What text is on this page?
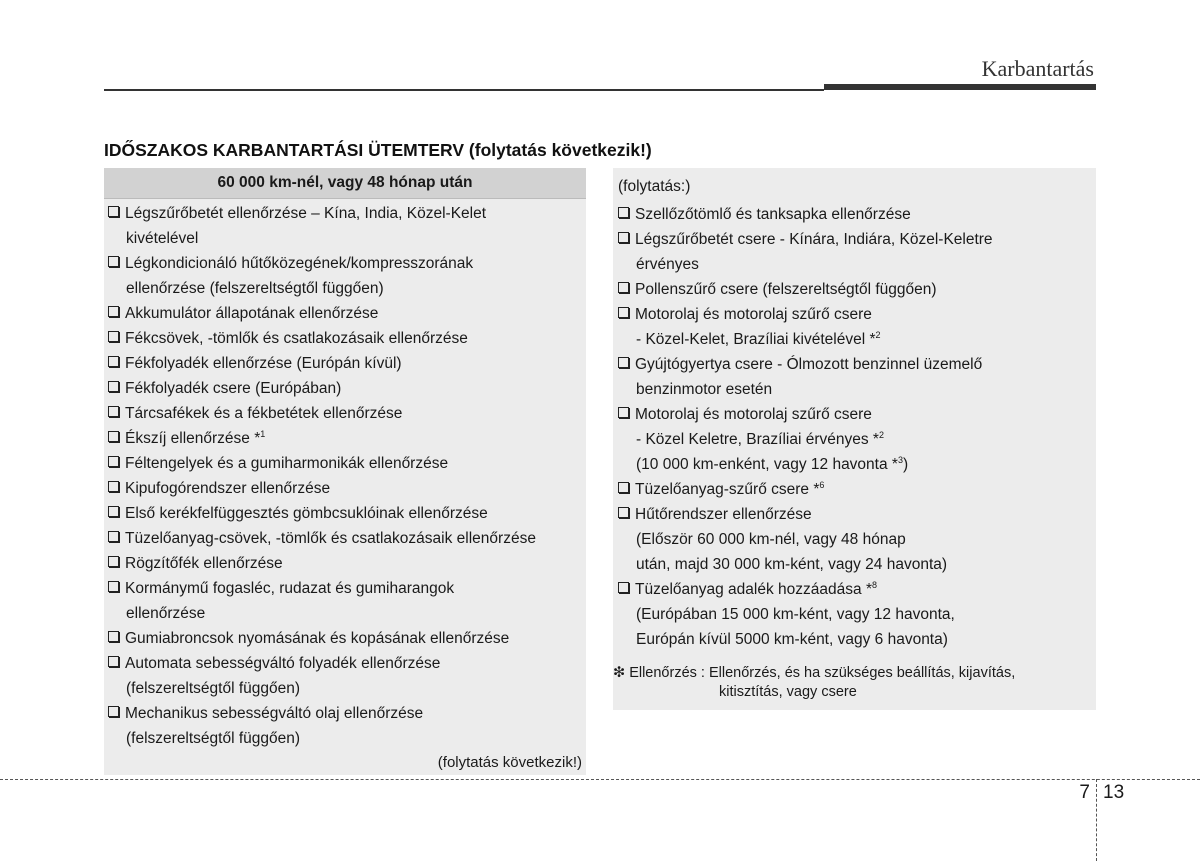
Karbantartás
IDŐSZAKOS KARBANTARTÁSI ÜTEMTERV (folytatás következik!)
60 000 km-nél, vagy 48 hónap után
Légszűrőbetét ellenőrzése – Kína, India, Közel-Kelet
kivételével
Légkondicionáló hűtőközegének/kompresszorának
ellenőrzése (felszereltségtől függően)
Akkumulátor állapotának ellenőrzése
Fékcsövek, -tömlők és csatlakozásaik ellenőrzése
Fékfolyadék ellenőrzése (Európán kívül)
Fékfolyadék csere (Európában)
Tárcsafékek és a fékbetétek ellenőrzése
Ékszíj ellenőrzése *$^1$
Féltengelyek és a gumiharmonikák ellenőrzése
Kipufogórendszer ellenőrzése
Első kerékfelfüggesztés gömbcsuklóinak ellenőrzése
Tüzelőanyag-csövek, -tömlők és csatlakozásaik ellenőrzése
Rögzítőfék ellenőrzése
Kormánymű fogasléc, rudazat és gumiharangok
ellenőrzése
Gumiabroncsok nyomásának és kopásának ellenőrzése
Automata sebességváltó folyadék ellenőrzése
(felszereltségtől függően)
Mechanikus sebességváltó olaj ellenőrzése
(felszereltségtől függően)
(folytatás következik!)
(folytatás:)
Szellőzőtömlő és tanksapka ellenőrzése
Légszűrőbetét csere - Kínára, Indiára, Közel-Keletre
érvényes
Pollenszűrő csere (felszereltségtől függően)
Motorolaj és motorolaj szűrő csere
- Közel-Kelet, Brazíliai kivételével *$^2$
Gyújtógyertya csere - Ólmozott benzinnel üzemelő
benzinmotor esetén
Motorolaj és motorolaj szűrő csere
- Közel Keletre, Brazíliai érvényes *$^2$
(10 000 km-enként, vagy 12 havonta *$^3$)
Tüzelőanyag-szűrő csere *$^6$
Hűtőrendszer ellenőrzése
(Először 60 000 km-nél, vagy 48 hónap
után, majd 30 000 km-ként, vagy 24 havonta)
Tüzelőanyag adalék hozzáadása *$^8$
(Európában 15 000 km-ként, vagy 12 havonta,
Európán kívül 5000 km-ként, vagy 6 havonta)
❇ Ellenőrzés : Ellenőrzés, és ha szükséges beállítás, kijavítás,
kitisztítás, vagy csere
7 13
